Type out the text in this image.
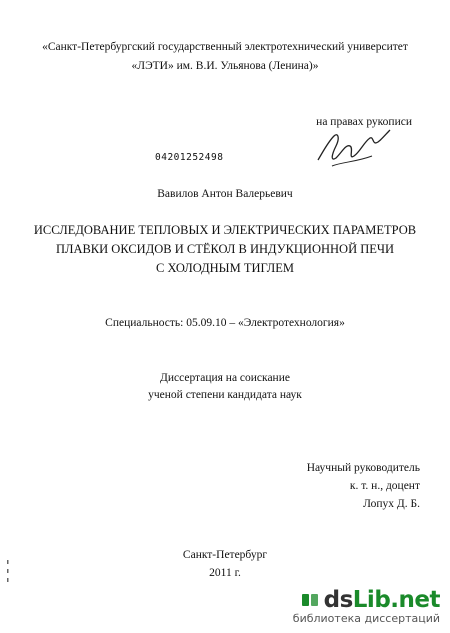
«Санкт-Петербургский государственный электротехнический университет
«ЛЭТИ» им. В.И. Ульянова (Ленина)»
на правах рукописи
04201252498
Вавилов Антон Валерьевич
ИССЛЕДОВАНИЕ ТЕПЛОВЫХ И ЭЛЕКТРИЧЕСКИХ ПАРАМЕТРОВ
ПЛАВКИ ОКСИДОВ И СТЁКОЛ В ИНДУКЦИОННОЙ ПЕЧИ
С ХОЛОДНЫМ ТИГЛЕМ
Специальность: 05.09.10 – «Электротехнология»
Диссертация на соискание
ученой степени кандидата наук
Научный руководитель
к. т. н., доцент
Лопух Д. Б.
Санкт-Петербург
2011 г.
dsLib.net
библиотека диссертаций
